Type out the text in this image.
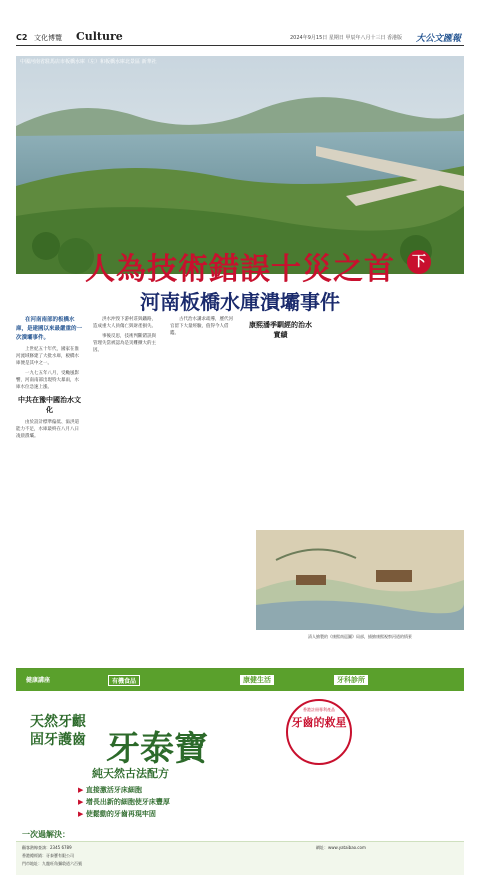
C2 文化博覽 Culture	2024年9月15日 星期日 甲辰年八月十三日 香港版 大公文匯報
中國河南省駐馬店市板橋水庫（左）和板橋水庫北景區 新華社
人為技術錯誤十災之首	下
河南板橋水庫潰壩事件

在河南南部的板橋水庫，是建國以來最嚴重的一次潰壩事件。

上世紀五十年代，國家在淮河流域修建了大批水庫，板橋水庫便是其中之一。

一九七五年八月，受颱風影響，河南南部出現特大暴雨，水庫水位急速上漲。

中共在豫中國治水文化

由於設計標準偏低、溢洪道能力不足，水庫最終在八月八日凌晨潰壩。

洪水沖毀下游村莊與鐵路，造成重大人員傷亡與財產損失。

事後反思，技術判斷錯誤與管理失當被認為是災難擴大的主因。

古代治水講求疏導，歷代河官留下大量經驗，值得今人借鑑。

康熙潘季馴經的治水實績
清人繪製的《康熙南巡圖》局部，描繪康熙視察河道的情景
健康講座	有機食品	康健生活	牙科診所
天然牙齦
固牙護齒 牙泰寶
純天然古法配方
香港註冊專利產品
牙齒的救星
▶ 直接激活牙床細胞
▶ 增長出新的細胞使牙床豐厚
▶ 使鬆動的牙齒再現牢固
一次過解決：
顧客熱線查詢：2345 6789
香港總經銷：牙泰寶有限公司
門市地址：九龍旺角彌敦道六百號
網址：www.yataibao.com
